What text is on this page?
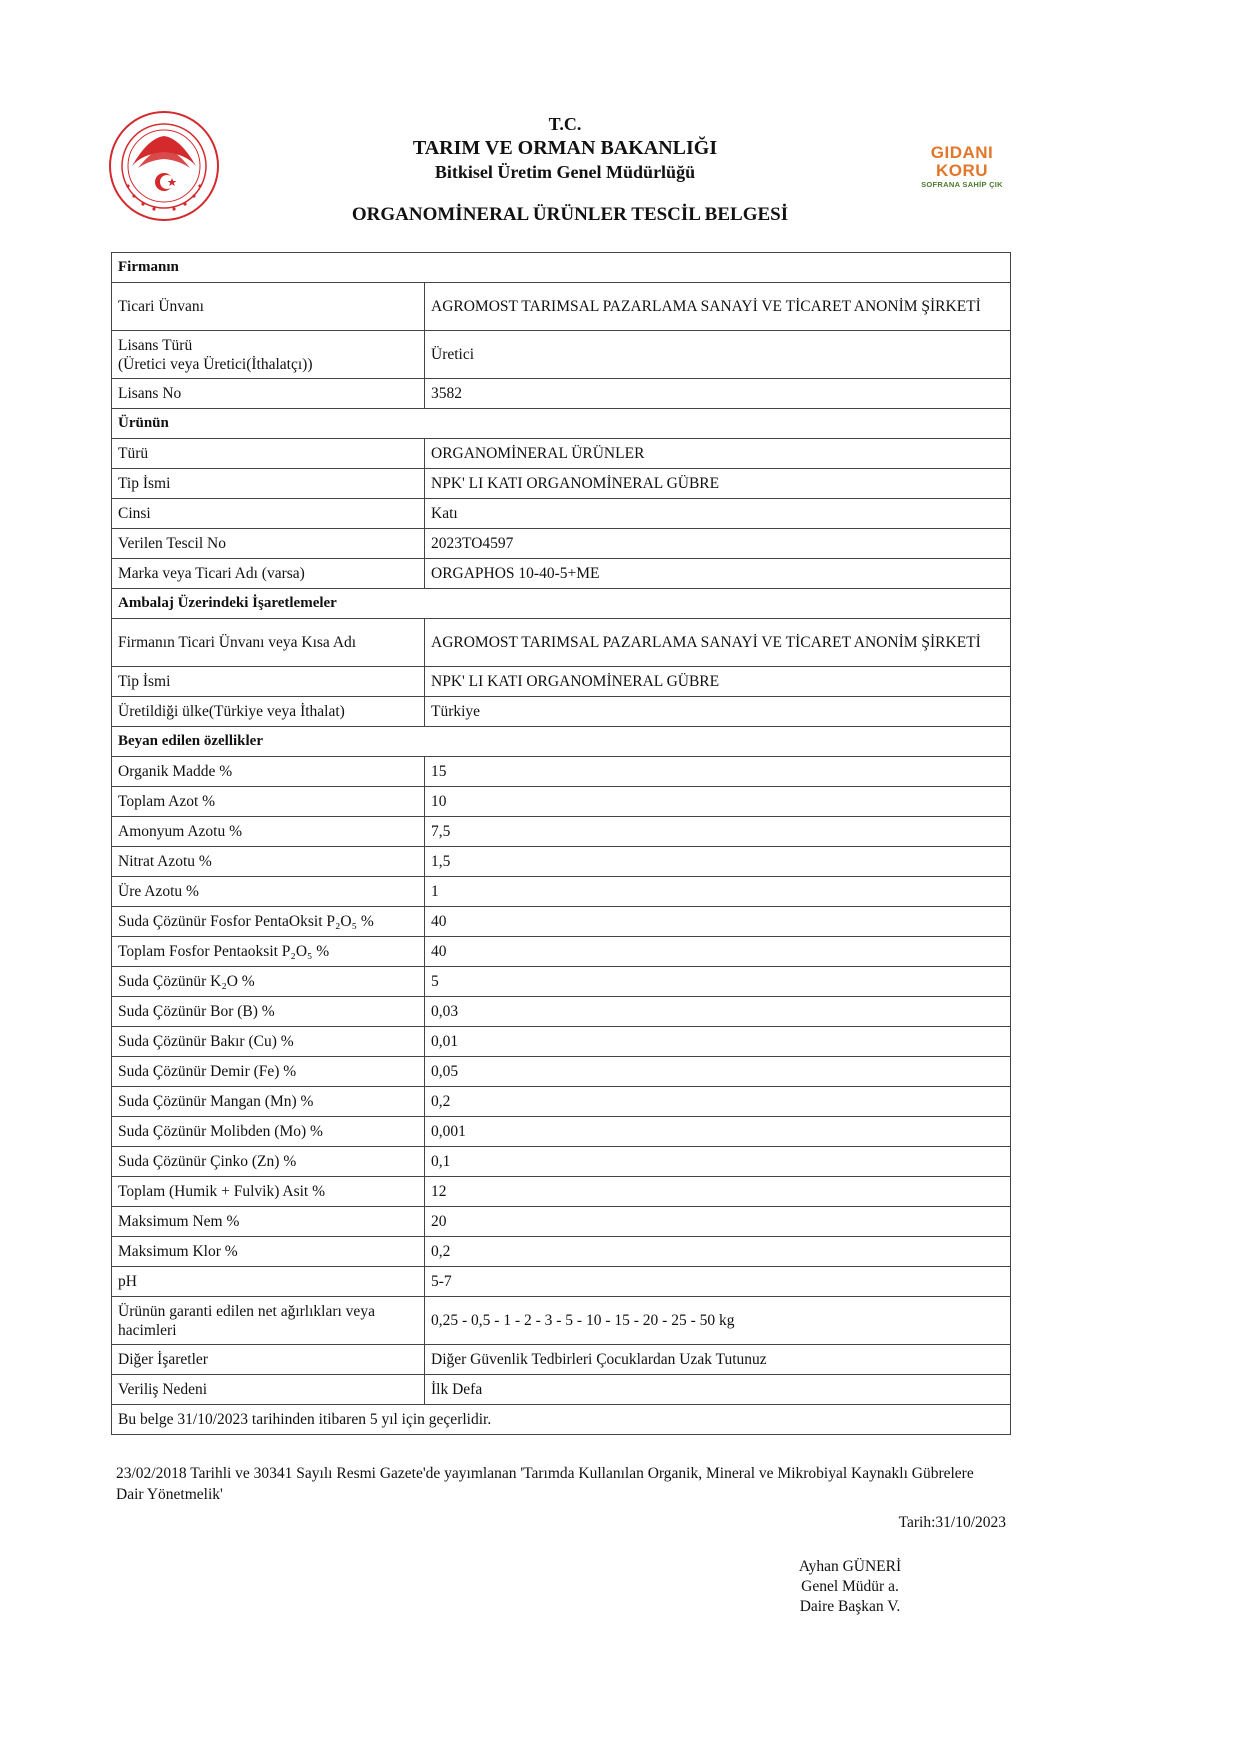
T.C.
TARIM VE ORMAN BAKANLIĞI
Bitkisel Üretim Genel Müdürlüğü
GIDANI KORU
SOFRANA SAHİP ÇIK
ORGANOMİNERAL ÜRÜNLER TESCİL BELGESİ
Firmanın	
Ticari Ünvanı	AGROMOST TARIMSAL PAZARLAMA SANAYİ VE TİCARET ANONİM ŞİRKETİ
Lisans Türü
(Üretici veya Üretici(İthalatçı))	Üretici
Lisans No	3582
Ürünün	
Türü	ORGANOMİNERAL ÜRÜNLER
Tip İsmi	NPK' LI KATI ORGANOMİNERAL GÜBRE
Cinsi	Katı
Verilen Tescil No	2023TO4597
Marka veya Ticari Adı (varsa)	ORGAPHOS 10-40-5+ME
Ambalaj Üzerindeki İşaretlemeler	
Firmanın Ticari Ünvanı veya Kısa Adı	AGROMOST TARIMSAL PAZARLAMA SANAYİ VE TİCARET ANONİM ŞİRKETİ
Tip İsmi	NPK' LI KATI ORGANOMİNERAL GÜBRE
Üretildiği ülke(Türkiye veya İthalat)	Türkiye
Beyan edilen özellikler	
Organik Madde %	15
Toplam Azot %	10
Amonyum Azotu %	7,5
Nitrat Azotu %	1,5
Üre Azotu %	1
Suda Çözünür Fosfor PentaOksit P₂O₅ %	40
Toplam Fosfor Pentaoksit P₂O₅ %	40
Suda Çözünür K₂O %	5
Suda Çözünür Bor (B) %	0,03
Suda Çözünür Bakır (Cu) %	0,01
Suda Çözünür Demir (Fe) %	0,05
Suda Çözünür Mangan (Mn) %	0,2
Suda Çözünür Molibden (Mo) %	0,001
Suda Çözünür Çinko (Zn) %	0,1
Toplam (Humik + Fulvik) Asit %	12
Maksimum Nem %	20
Maksimum Klor %	0,2
pH	5-7
Ürünün garanti edilen net ağırlıkları veya hacimleri	0,25 - 0,5 - 1 - 2 - 3 - 5 - 10 - 15 - 20 - 25 - 50 kg
Diğer İşaretler	Diğer Güvenlik Tedbirleri Çocuklardan Uzak Tutunuz
Veriliş Nedeni	İlk Defa
Bu belge 31/10/2023 tarihinden itibaren 5 yıl için geçerlidir.	
23/02/2018 Tarihli ve 30341 Sayılı Resmi Gazete'de yayımlanan 'Tarımda Kullanılan Organik, Mineral ve Mikrobiyal Kaynaklı Gübrelere Dair Yönetmelik'
Tarih:31/10/2023
Ayhan GÜNERİ
Genel Müdür a.
Daire Başkan V.
